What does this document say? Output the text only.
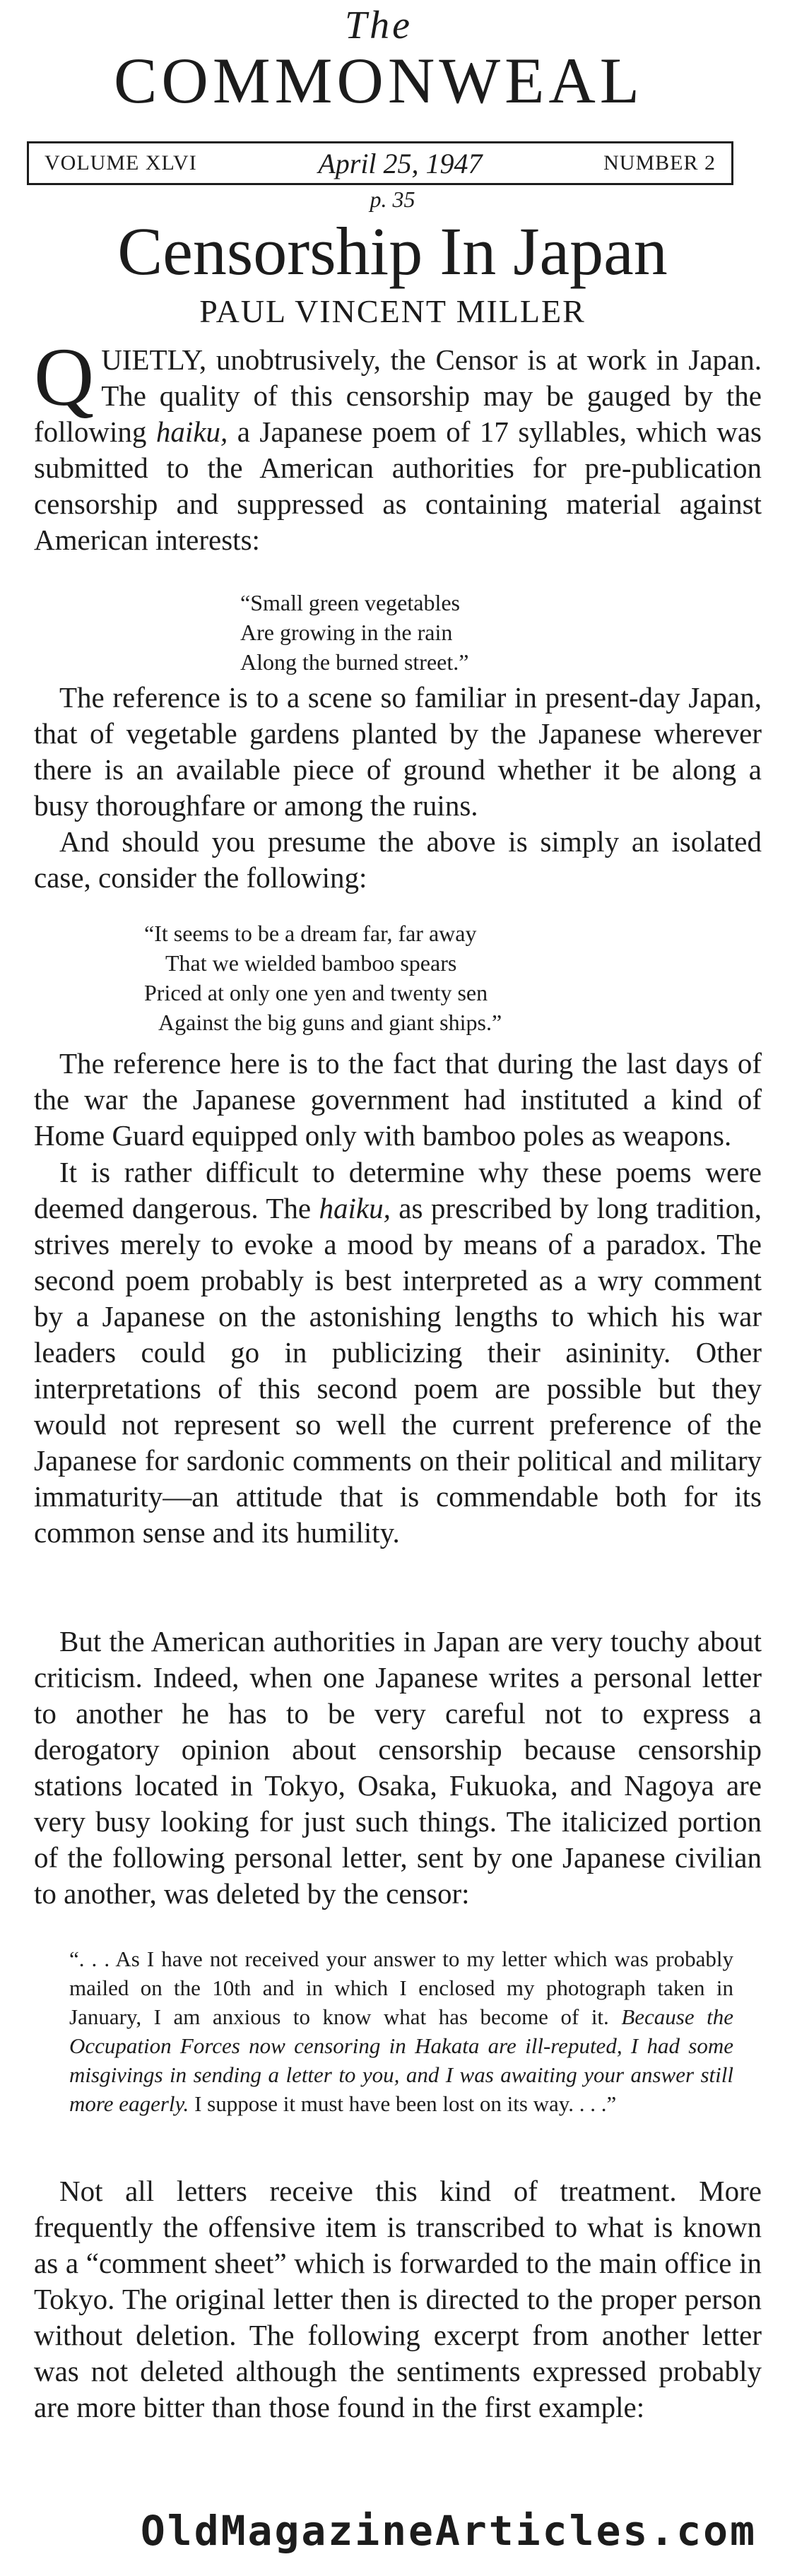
The
COMMONWEAL
VOLUME XLVI	April 25, 1947	NUMBER 2
p. 35
Censorship In Japan
PAUL VINCENT MILLER

QUIETLY, unobtrusively, the Censor is at work in Japan. The quality of this censorship may be gauged by the following haiku, a Japanese poem of 17 syllables, which was submitted to the American authorities for pre-publication censorship and suppressed as containing material against American interests:

“Small green vegetables
Are growing in the rain
Along the burned street.”

The reference is to a scene so familiar in present-day Japan, that of vegetable gardens planted by the Japanese wherever there is an available piece of ground whether it be along a busy thoroughfare or among the ruins.

And should you presume the above is simply an isolated case, consider the following:

“It seems to be a dream far, far away
That we wielded bamboo spears
Priced at only one yen and twenty sen
Against the big guns and giant ships.”

The reference here is to the fact that during the last days of the war the Japanese government had instituted a kind of Home Guard equipped only with bamboo poles as weapons.

It is rather difficult to determine why these poems were deemed dangerous. The haiku, as prescribed by long tradition, strives merely to evoke a mood by means of a paradox. The second poem probably is best interpreted as a wry comment by a Japanese on the astonishing lengths to which his war leaders could go in publicizing their asininity. Other interpretations of this second poem are possible but they would not represent so well the current preference of the Japanese for sardonic comments on their political and military immaturity—an attitude that is commendable both for its common sense and its humility.

But the American authorities in Japan are very touchy about criticism. Indeed, when one Japanese writes a personal letter to another he has to be very careful not to express a derogatory opinion about censorship because censorship stations located in Tokyo, Osaka, Fukuoka, and Nagoya are very busy looking for just such things. The italicized portion of the following personal letter, sent by one Japanese civilian to another, was deleted by the censor:

“. . . As I have not received your answer to my letter which was probably mailed on the 10th and in which I enclosed my photograph taken in January, I am anxious to know what has become of it. Because the Occupation Forces now censoring in Hakata are ill-reputed, I had some misgivings in sending a letter to you, and I was awaiting your answer still more eagerly. I suppose it must have been lost on its way. . . .”

Not all letters receive this kind of treatment. More frequently the offensive item is transcribed to what is known as a “comment sheet” which is forwarded to the main office in Tokyo. The original letter then is directed to the proper person without deletion. The following excerpt from another letter was not deleted although the sentiments expressed probably are more bitter than those found in the first example:

OldMagazineArticles.com
